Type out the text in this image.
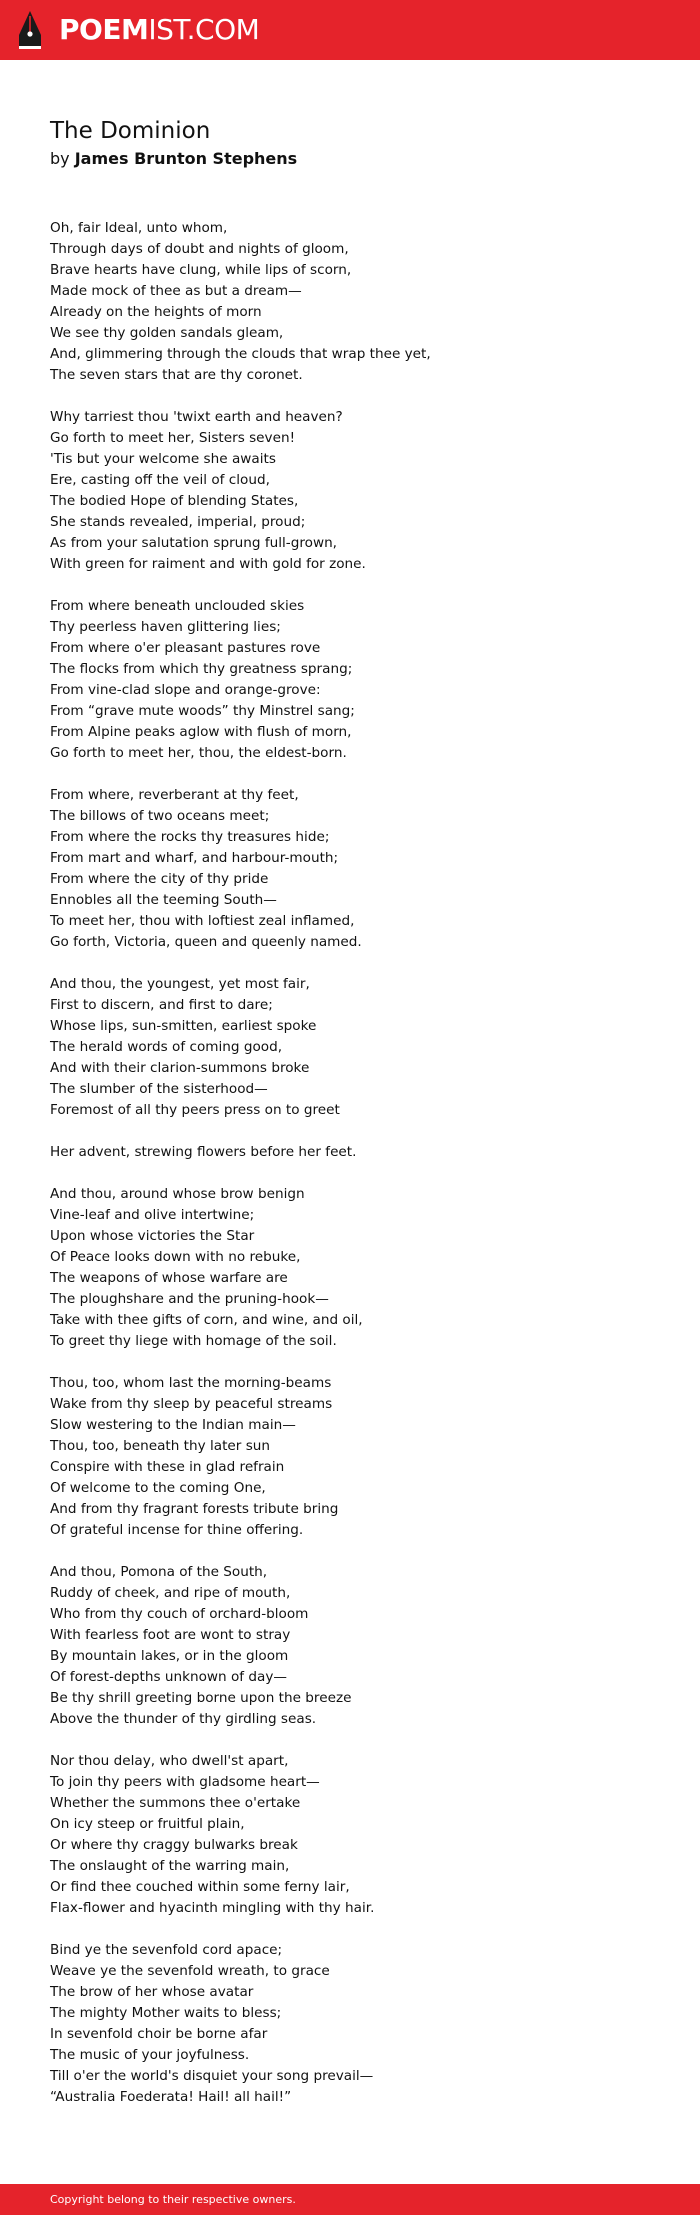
POEMIST.COM
The Dominion
by James Brunton Stephens
Oh, fair Ideal, unto whom,
Through days of doubt and nights of gloom,
Brave hearts have clung, while lips of scorn,
Made mock of thee as but a dream—
Already on the heights of morn
We see thy golden sandals gleam,
And, glimmering through the clouds that wrap thee yet,
The seven stars that are thy coronet.
Why tarriest thou 'twixt earth and heaven?
Go forth to meet her, Sisters seven!
'Tis but your welcome she awaits
Ere, casting off the veil of cloud,
The bodied Hope of blending States,
She stands revealed, imperial, proud;
As from your salutation sprung full-grown,
With green for raiment and with gold for zone.
From where beneath unclouded skies
Thy peerless haven glittering lies;
From where o'er pleasant pastures rove
The flocks from which thy greatness sprang;
From vine-clad slope and orange-grove:
From “grave mute woods” thy Minstrel sang;
From Alpine peaks aglow with flush of morn,
Go forth to meet her, thou, the eldest-born.
From where, reverberant at thy feet,
The billows of two oceans meet;
From where the rocks thy treasures hide;
From mart and wharf, and harbour-mouth;
From where the city of thy pride
Ennobles all the teeming South—
To meet her, thou with loftiest zeal inflamed,
Go forth, Victoria, queen and queenly named.
And thou, the youngest, yet most fair,
First to discern, and first to dare;
Whose lips, sun-smitten, earliest spoke
The herald words of coming good,
And with their clarion-summons broke
The slumber of the sisterhood—
Foremost of all thy peers press on to greet
Her advent, strewing flowers before her feet.
And thou, around whose brow benign
Vine-leaf and olive intertwine;
Upon whose victories the Star
Of Peace looks down with no rebuke,
The weapons of whose warfare are
The ploughshare and the pruning-hook—
Take with thee gifts of corn, and wine, and oil,
To greet thy liege with homage of the soil.
Thou, too, whom last the morning-beams
Wake from thy sleep by peaceful streams
Slow westering to the Indian main—
Thou, too, beneath thy later sun
Conspire with these in glad refrain
Of welcome to the coming One,
And from thy fragrant forests tribute bring
Of grateful incense for thine offering.
And thou, Pomona of the South,
Ruddy of cheek, and ripe of mouth,
Who from thy couch of orchard-bloom
With fearless foot are wont to stray
By mountain lakes, or in the gloom
Of forest-depths unknown of day—
Be thy shrill greeting borne upon the breeze
Above the thunder of thy girdling seas.
Nor thou delay, who dwell'st apart,
To join thy peers with gladsome heart—
Whether the summons thee o'ertake
On icy steep or fruitful plain,
Or where thy craggy bulwarks break
The onslaught of the warring main,
Or find thee couched within some ferny lair,
Flax-flower and hyacinth mingling with thy hair.
Bind ye the sevenfold cord apace;
Weave ye the sevenfold wreath, to grace
The brow of her whose avatar
The mighty Mother waits to bless;
In sevenfold choir be borne afar
The music of your joyfulness.
Till o'er the world's disquiet your song prevail—
“Australia Foederata! Hail! all hail!”
Copyright belong to their respective owners.
